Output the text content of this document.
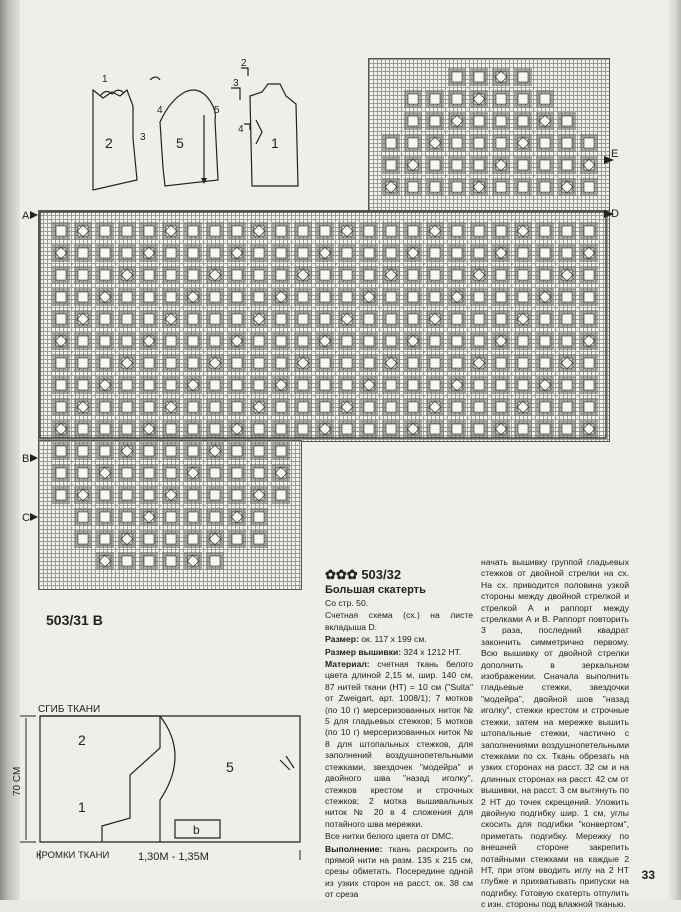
E
D
A
B
C
1
2	3
4
5	1
2
3
4
5
503/31 B
СГИБ ТКАНИ
70 СМ
КРОМКИ ТКАНИ	1,30М - 1,35М
1
2
5
b
✿✿✿ 503/32
Большая скатерть

Со стр. 50.

Счетная схема (сх.) на листе вкладыша D.

Размер: ок. 117 x 199 см.

Размер вышивки: 324 x 1212 НТ.

Материал: счетная ткань белого цвета длиной 2,15 м, шир. 140 см, 87 нитей ткани (НТ) = 10 см ("Suita" от Zweigart, арт. 1008/1); 7 мотков (по 10 г) мерсеризованных ниток № 5 для гладьевых стежков; 5 мотков (по 10 г) мерсеризованных ниток № 8 для штопальных стежков, для заполнений воздушнопетельными стежками, звездочек "модейра" и двойного шва "назад иголку", стежков крестом и строчных стежков; 2 мотка вышивальных ниток № 20 в 4 сложения для потайного шва мережки.

Все нитки белого цвета от DMC.

Выполнение: ткань раскроить по прямой нити на разм. 135 x 215 см, срезы обметать. Посередине одной из узких сторон на расст. ок. 38 см от среза

начать вышивку группой гладьевых стежков от двойной стрелки на сх. На сх. приводится половина узкой стороны между двойной стрелкой и стрелкой А и раппорт между стрелками А и В. Раппорт повторить 3 раза, последний квадрат закончить симметрично первому. Всю вышивку от двойной стрелки дополнить в зеркальном изображении. Сначала выполнить гладьевые стежки, звездочки "модейра", двойной шов "назад иголку", стежки крестом и строчные стежки, затем на мережке вышить штопальные стежки, частично с заполнениями воздушнопетельными стежками по сх. Ткань обрезать на узких сторонах на расст. 32 см и на длинных сторонах на расст. 42 см от вышивки, на расст. 3 см вытянуть по 2 НТ до точек скрещений. Уложить двойную подгибку шир. 1 см, углы скосить для подгибки "конвертом", приметать подгибку. Мережку по внешней стороне закрепить потайными стежками на каждые 2 НТ, при этом вводить иглу на 2 НТ глубже и прихватывать припуски на подгибку. Готовую скатерть отпулить с изн. стороны под влажной тканью.

33
